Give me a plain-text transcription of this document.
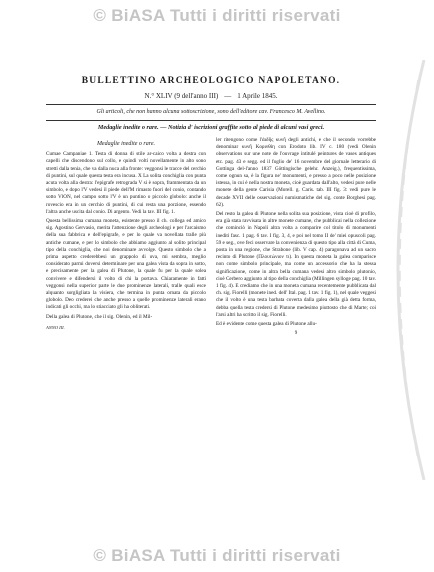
© BiASA Tutti i diritti riservati
BULLETTINO ARCHEOLOGICO NAPOLETANO.
N.° XLIV (9 dell'anno III) — 1 Aprile 1845.
Gli articoli, che non hanno alcuna sottoscrizione, sono dell'editore cav. Francesco M. Avellino.
Medaglie inedite o rare. — Notizia d' iscrizioni graffite sotto al piede di alcuni vasi greci.
Medaglie inedite o rare.

Cumae Campaniae 1. Testa di donna di stile ar-caico volta a destra con capelli che discendono sul collo, e quindi volti novellamente in alto sono stretti dalla tenia, che va dalla nuca alla fronte: veggonsi le tracce del cerchio di puntini, sul quale questa testa era incusa. X La solita conchiglia con punta acuta volta alla destra: l'epigrafe retrograda V si è sopra, frammentata da un simbolo, e dopo l'V vedesi il piede dell'M rimasto fuori del conio, contando sotto VlON, nel campo sotto l'V è un puntino o piccolo globolo: anche il rovescio era in un cerchio di puntini, di cui resta una porzione, essendo l'altra anche uscita dal conio. Di argento. Vedi la tav. III fig. 1.

Questa bellissima cumana moneta, esistente presso il ch. collega ed amico sig. Agostino Gervasio, merita l'attenzione degli archeologi e per l'arcaismo della sua fabbrica e dell'epigrafe, e per lo quale va novellata tralle più antiche cumane, e per lo simbolo che abbiamo aggiunto al solito principal tipo della conchiglia, che noi denominare avvolge. Questo simbolo che a prima aspetto crederebbesi un grappolo di uva, mi sembra, meglio considerato parmi doversi determinare per una galea vista da sopra in sotto, e precisamente per la galea di Plutone, la quale fu per la quale solea convivere e difendersi il volto di chi la portava. Chiaramente in fatti veggonsi nella superior parte le due prominenze laterali, tralle quali esce alquanto sorgligliata la visiera, che termina in punta ornata da piccolo globolo. Deo crederei che anche presso a quelle prominenze laterali erano indicati gli occhi, ma lo stiacciato gli ha obliterati.

Della galea di Plutone, che il sig. Olenin, ed il Mil-

ANNO III.

ler ritengono come l'ἀιδῆς κυνῆ degli antichi, e che il secondo vorrebbe denominar κυνῆ Κορινθίη con Erodoto lib. IV c. 180 (vedi Olenin observations sur une note de l'ouvrage intitulé peintures de vases antiques etc. pag. 43 e segg. ed il foglio de' 16 novembre del giornale letterario di Gottinga del-l'anno 1837 Göttingische gelehr. Anzeig.), frequentissima, come ognun sa, è la figura ne' monumenti, e presso a poco nelle posizione istessa, in cui è nella nostra moneta, cioè guardata dall'alto, vedesi pure nelle monete della gente Carisia (Morell. g. Caris. tab. III fig. 3: vedi pure le decade XVII delle osservazioni numismatiche del sig. conte Borghesi pag. 62).

Del resto la galea di Plutone nella solita sua posizione, vista cioè di profilo, era già stata ravvisata in altre monete cumane, che pubblicai nella collezione che cominciò in Napoli altra volta a comparire col titolo di monumenti inediti fasc. 1 pag. 6 tav. I fig. 3, 4, e poi nel tomo II de' miei opuscoli pag. 59 e seg., ove feci osservare la convenienza di questo tipo alla città di Cuma, posta in una regione, che Strabone (lib. V cap. 4) paragonava ad un sacro recinto di Plutone (Πλουτώνιον τι). In questa moneta la galea comparisce non come simbolo principale, ma come un accessorio che ha la stessa significazione, come in altra bella cumana vedesi altro simbolo plutonio, cioè Cerbero aggiunto al tipo della conchiglia (Millingen sylloge pag. 10 tav. 1 fig. 4). E crediamo che in una moneta cumana recentemente pubblicata dal ch. sig. Fiorelli (monete ined. dell' Ital. pag. 1 tav. 1 fig. 1), nel quale veggesi che il volto è una testa barbata coverta dalla galea della già detta forma, debba quella testa credersi di Plutone medesimo piuttosto che di Marte; coi l'arsi altri ha scritto il sig. Fiorelli.

Ed è evidente come questa galea di Plutone allu-

9
© BiASA Tutti i diritti riservati
